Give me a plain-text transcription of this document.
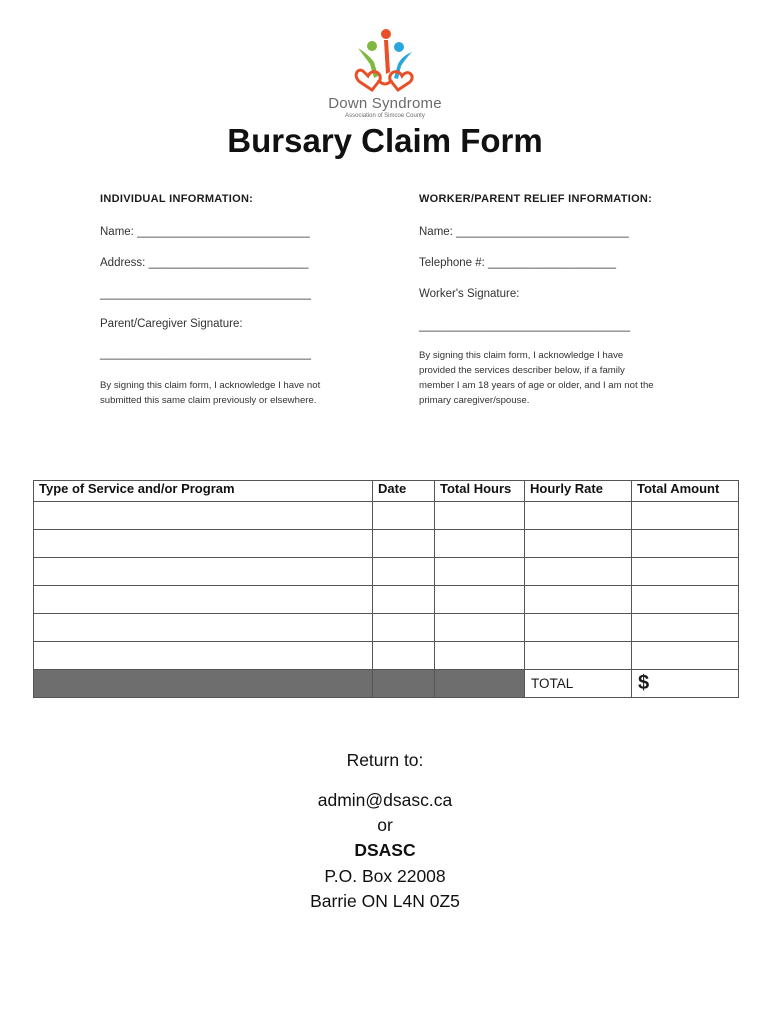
Down Syndrome
Association of Simcoe County
Bursary Claim Form
INDIVIDUAL INFORMATION:
Name: ___________________________
Address: _________________________
_________________________________
Parent/Caregiver Signature:
_________________________________
By signing this claim form, I acknowledge I have not submitted this same claim previously or elsewhere.
WORKER/PARENT RELIEF INFORMATION:
Name: ___________________________
Telephone #: ____________________
Worker's Signature:
_________________________________
By signing this claim form, I acknowledge I have provided the services describer below, if a family member I am 18 years of age or older, and I am not the primary caregiver/spouse.
Type of Service and/or Program	Date	Total Hours	Hourly Rate	Total Amount

			TOTAL	$
Return to:
admin@dsasc.ca
or
DSASC
P.O. Box 22008
Barrie ON L4N 0Z5
